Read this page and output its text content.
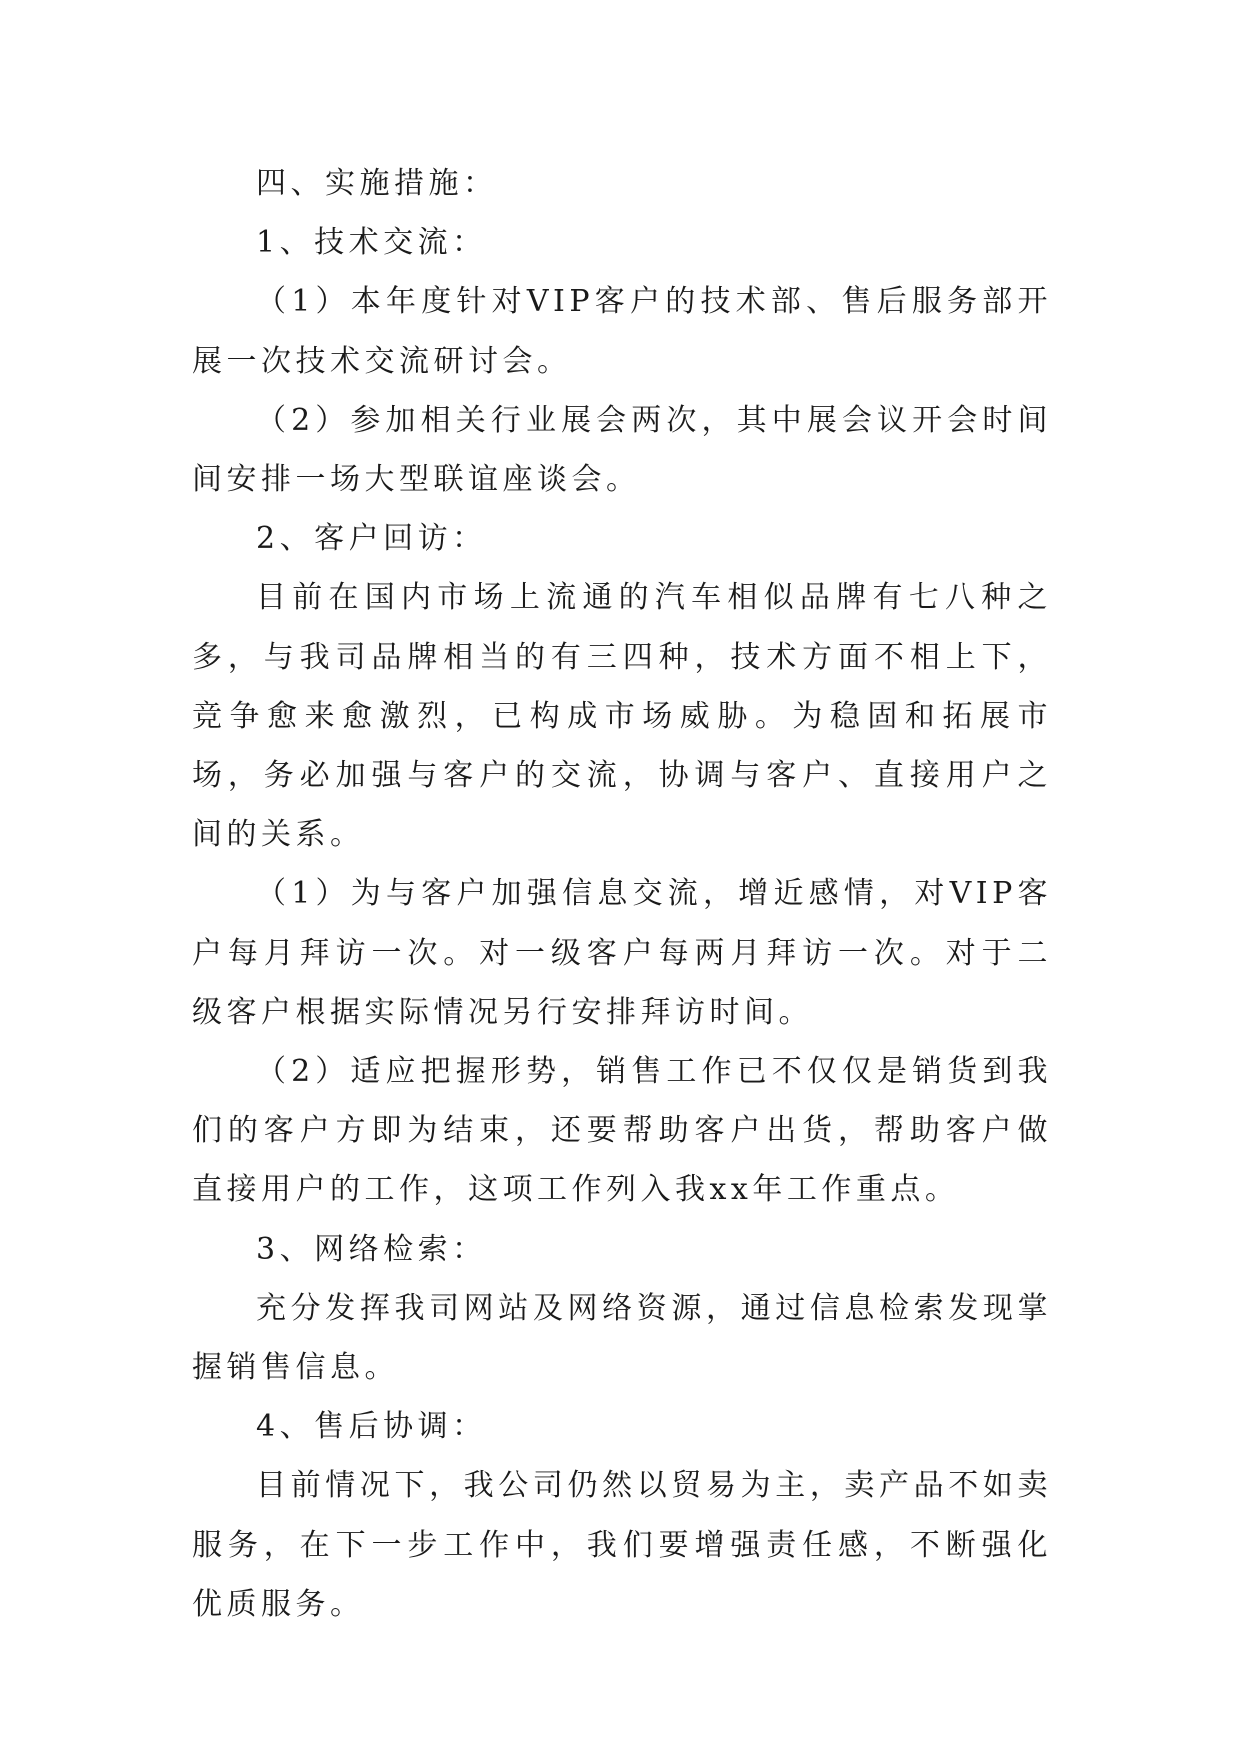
四、实施措施：

1、技术交流：

（1）本年度针对VIP客户的技术部、售后服务部开展一次技术交流研讨会。

（2）参加相关行业展会两次，其中展会议开会时间间安排一场大型联谊座谈会。

2、客户回访：

目前在国内市场上流通的汽车相似品牌有七八种之多，与我司品牌相当的有三四种，技术方面不相上下，竞争愈来愈激烈，已构成市场威胁。为稳固和拓展市场，务必加强与客户的交流，协调与客户、直接用户之间的关系。

（1）为与客户加强信息交流，增近感情，对VIP客户每月拜访一次。对一级客户每两月拜访一次。对于二级客户根据实际情况另行安排拜访时间。

（2）适应把握形势，销售工作已不仅仅是销货到我们的客户方即为结束，还要帮助客户出货，帮助客户做直接用户的工作，这项工作列入我xx年工作重点。

3、网络检索：

充分发挥我司网站及网络资源，通过信息检索发现掌握销售信息。

4、售后协调：

目前情况下，我公司仍然以贸易为主，卖产品不如卖服务，在下一步工作中，我们要增强责任感，不断强化优质服务。
